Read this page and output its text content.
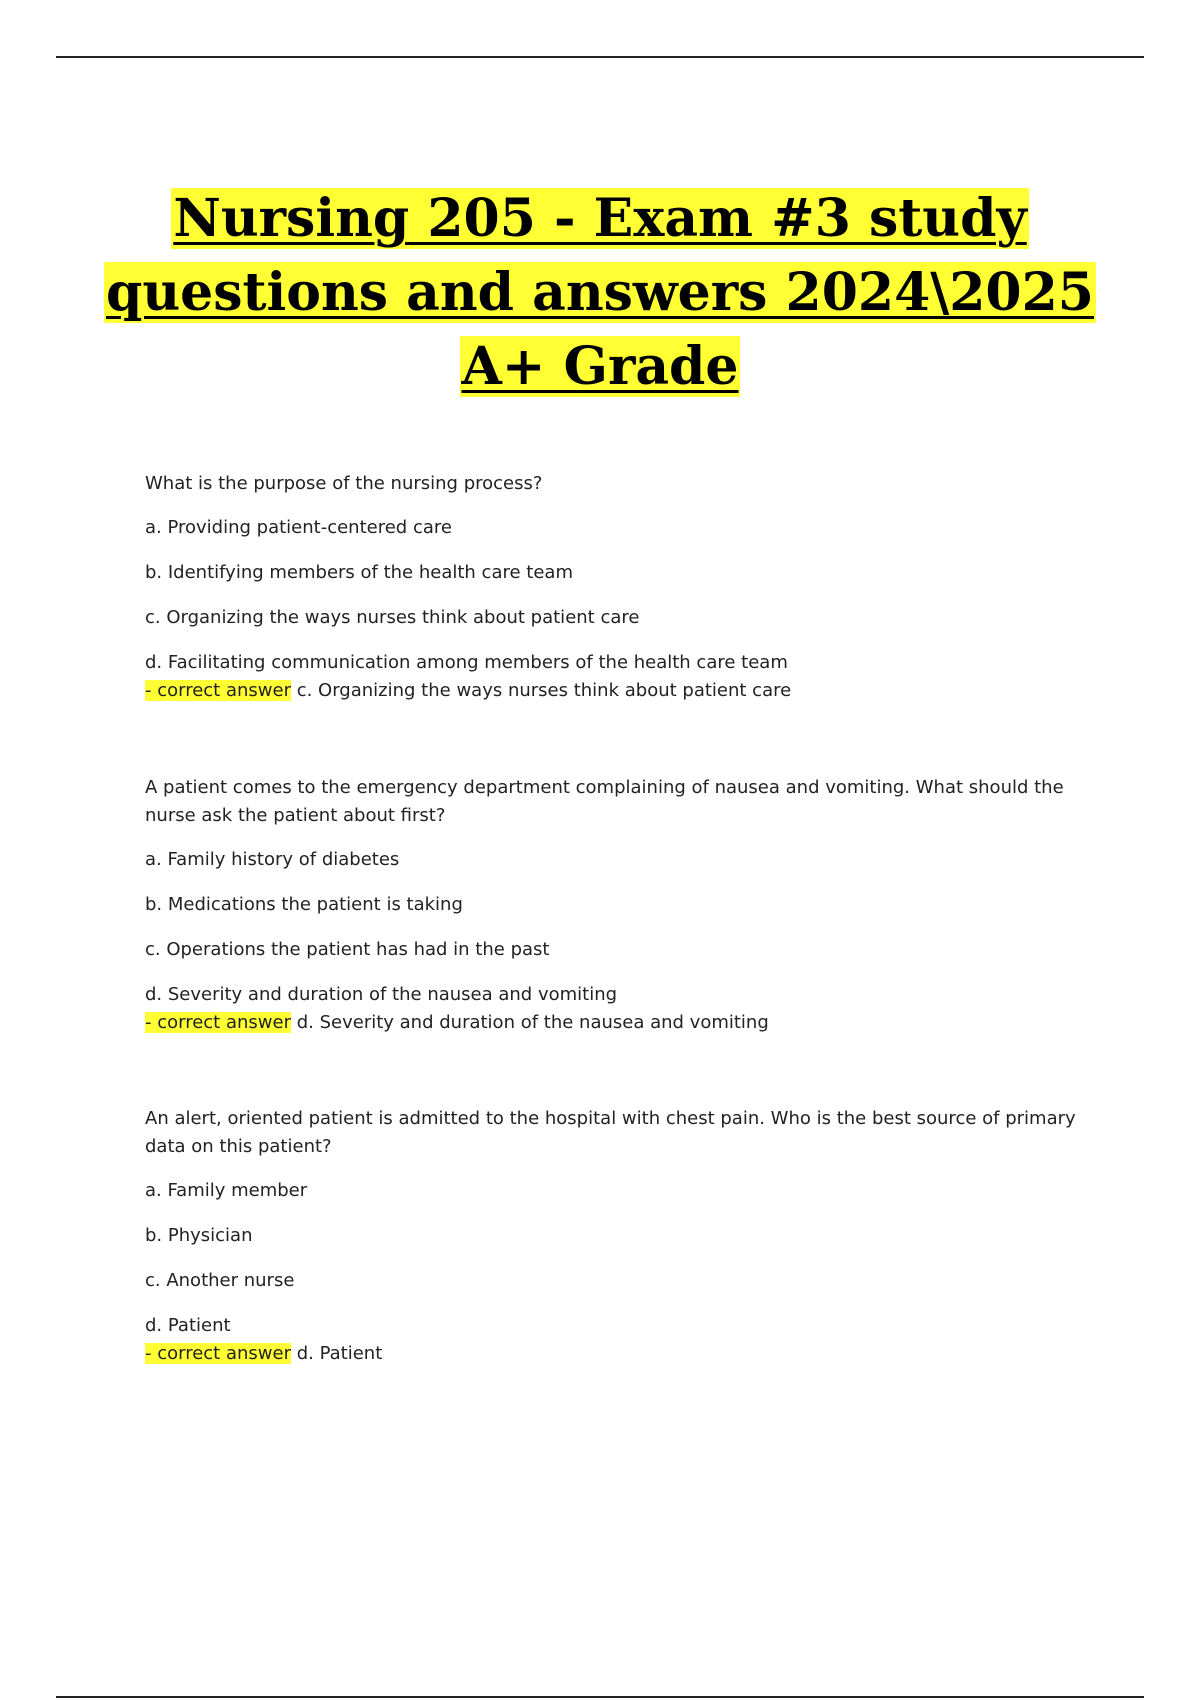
Nursing 205 - Exam #3 study
questions and answers 2024\2025
A+ Grade

What is the purpose of the nursing process?

a. Providing patient-centered care

b. Identifying members of the health care team

c. Organizing the ways nurses think about patient care

d. Facilitating communication among members of the health care team

- correct answer c. Organizing the ways nurses think about patient care

A patient comes to the emergency department complaining of nausea and vomiting. What should the nurse ask the patient about first?

a. Family history of diabetes

b. Medications the patient is taking

c. Operations the patient has had in the past

d. Severity and duration of the nausea and vomiting

- correct answer d. Severity and duration of the nausea and vomiting

An alert, oriented patient is admitted to the hospital with chest pain. Who is the best source of primary data on this patient?

a. Family member

b. Physician

c. Another nurse

d. Patient

- correct answer d. Patient
